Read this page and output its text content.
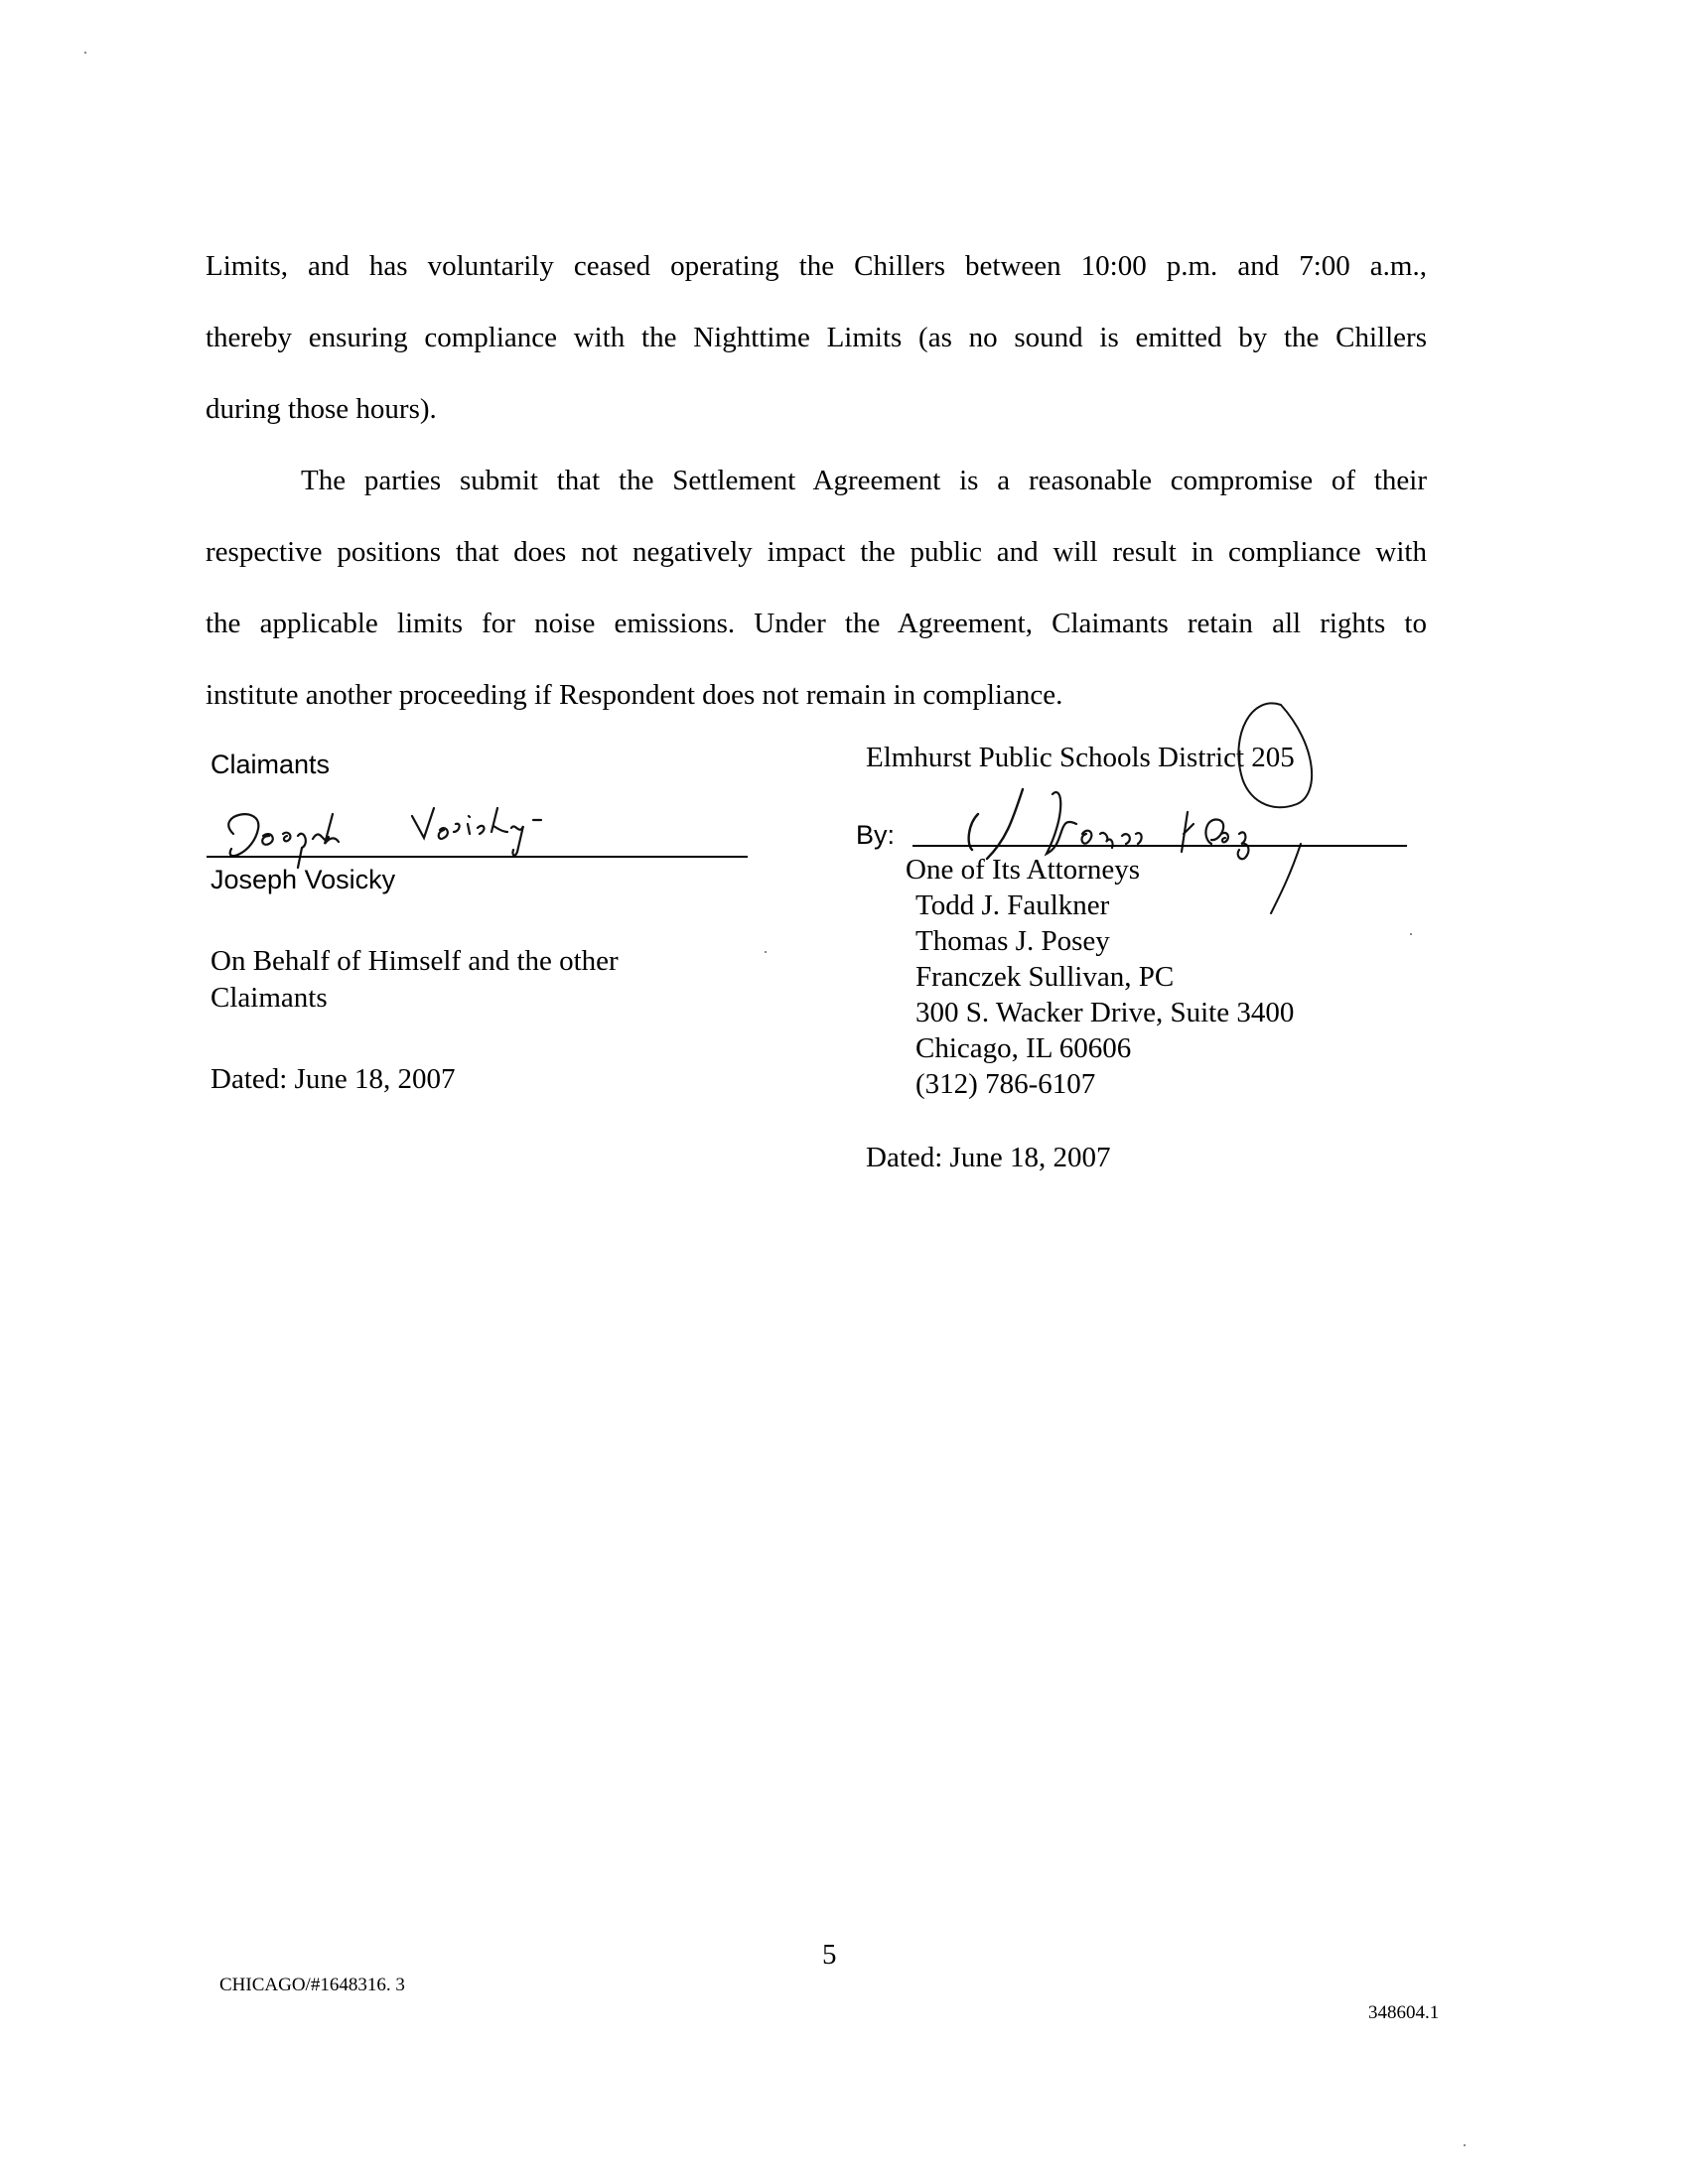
Limits, and has voluntarily ceased operating the Chillers between 10:00 p.m. and 7:00 a.m.,
thereby ensuring compliance with the Nighttime Limits (as no sound is emitted by the Chillers
during those hours).
The parties submit that the Settlement Agreement is a reasonable compromise of their
respective positions that does not negatively impact the public and will result in compliance with
the applicable limits for noise emissions. Under the Agreement, Claimants retain all rights to
institute another proceeding if Respondent does not remain in compliance.
Claimants
Joseph Vosicky
On Behalf of Himself and the other
Claimants
Dated: June 18, 2007
Elmhurst Public Schools District 205
By:
One of Its Attorneys
Todd J. Faulkner
Thomas J. Posey
Franczek Sullivan, PC
300 S. Wacker Drive, Suite 3400
Chicago, IL 60606
(312) 786-6107
Dated: June 18, 2007
5
CHICAGO/#1648316. 3
348604.1
